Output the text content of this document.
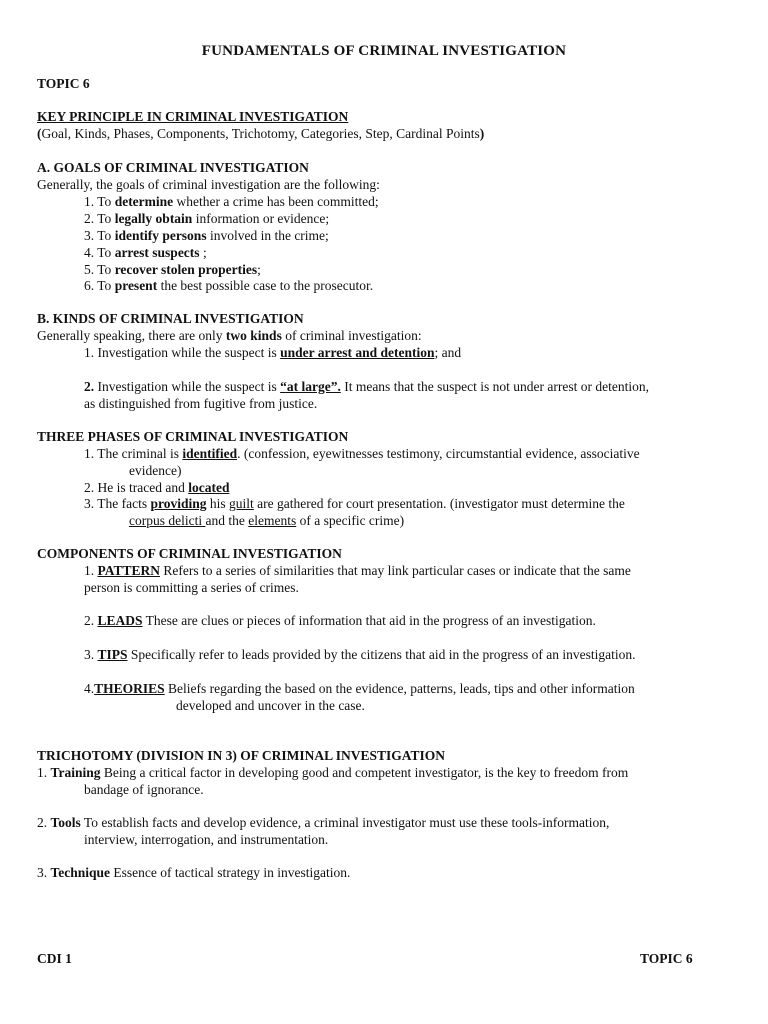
FUNDAMENTALS OF CRIMINAL INVESTIGATION
TOPIC 6
KEY PRINCIPLE IN CRIMINAL INVESTIGATION
(Goal, Kinds, Phases, Components, Trichotomy, Categories, Step, Cardinal Points)
A. GOALS OF CRIMINAL INVESTIGATION
Generally, the goals of criminal investigation are the following:
1. To determine whether a crime has been committed;
2. To legally obtain information or evidence;
3. To identify persons involved in the crime;
4. To arrest suspects ;
5. To recover stolen properties;
6. To present the best possible case to the prosecutor.
B. KINDS OF CRIMINAL INVESTIGATION
Generally speaking, there are only two kinds of criminal investigation:
1. Investigation while the suspect is under arrest and detention; and
2. Investigation while the suspect is “at large”. It means that the suspect is not under arrest or detention,
as distinguished from fugitive from justice.
THREE PHASES OF CRIMINAL INVESTIGATION
1. The criminal is identified. (confession, eyewitnesses testimony, circumstantial evidence, associative
evidence)
2. He is traced and located
3. The facts providing his guilt are gathered for court presentation. (investigator must determine the
corpus delicti and the elements of a specific crime)
COMPONENTS OF CRIMINAL INVESTIGATION
1. PATTERN Refers to a series of similarities that may link particular cases or indicate that the same
person is committing a series of crimes.
2. LEADS These are clues or pieces of information that aid in the progress of an investigation.
3. TIPS Specifically refer to leads provided by the citizens that aid in the progress of an investigation.
4.THEORIES Beliefs regarding the based on the evidence, patterns, leads, tips and other information
developed and uncover in the case.
TRICHOTOMY (DIVISION IN 3) OF CRIMINAL INVESTIGATION
1. Training Being a critical factor in developing good and competent investigator, is the key to freedom from
bandage of ignorance.
2. Tools To establish facts and develop evidence, a criminal investigator must use these tools-information,
interview, interrogation, and instrumentation.
3. Technique Essence of tactical strategy in investigation.
CDI 1	TOPIC 6
